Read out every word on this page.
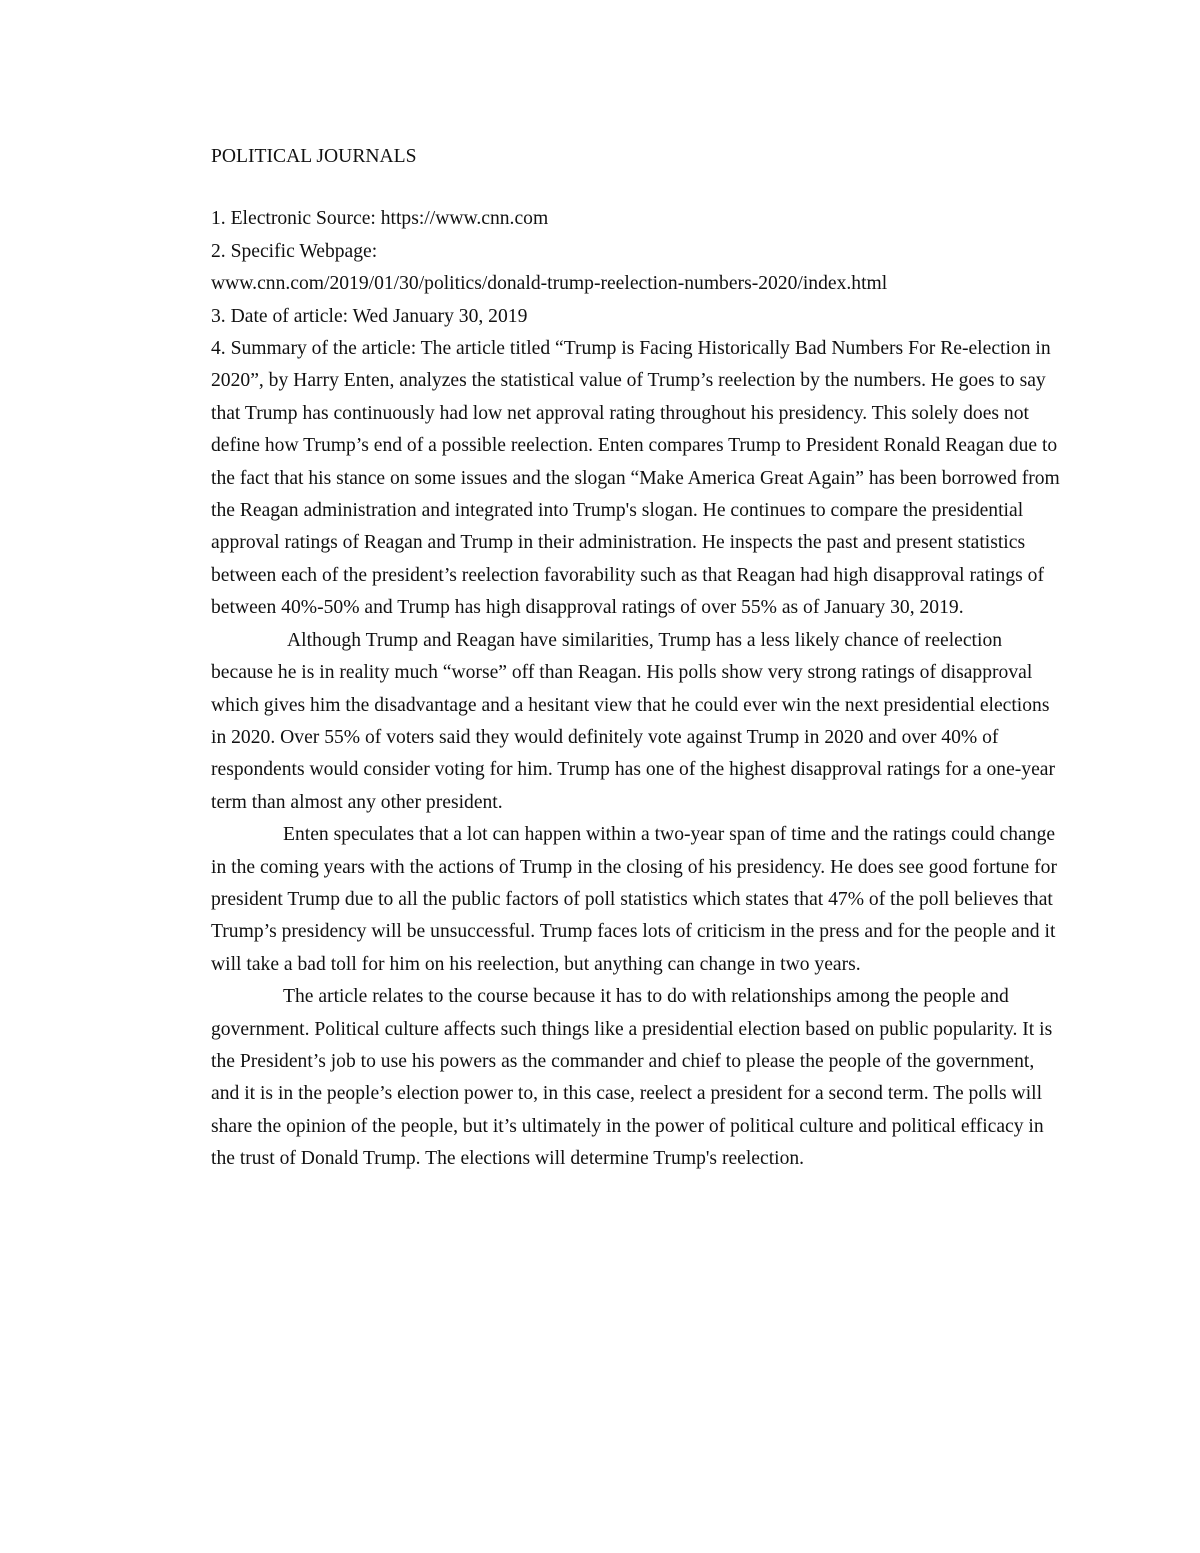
POLITICAL JOURNALS

1. Electronic Source: https://www.cnn.com

2. Specific Webpage:

www.cnn.com/2019/01/30/politics/donald-trump-reelection-numbers-2020/index.html

3. Date of article: Wed January 30, 2019

4. Summary of the article: The article titled “Trump is Facing Historically Bad Numbers For Re-election in 2020”, by Harry Enten, analyzes the statistical value of Trump’s reelection by the numbers. He goes to say that Trump has continuously had low net approval rating throughout his presidency. This solely does not define how Trump’s end of a possible reelection. Enten compares Trump to President Ronald Reagan due to the fact that his stance on some issues and the slogan “Make America Great Again” has been borrowed from the Reagan administration and integrated into Trump's slogan. He continues to compare the presidential approval ratings of Reagan and Trump in their administration. He inspects the past and present statistics between each of the president’s reelection favorability such as that Reagan had high disapproval ratings of between 40%-50% and Trump has high disapproval ratings of over 55% as of January 30, 2019.

Although Trump and Reagan have similarities, Trump has a less likely chance of reelection because he is in reality much “worse” off than Reagan. His polls show very strong ratings of disapproval which gives him the disadvantage and a hesitant view that he could ever win the next presidential elections in 2020. Over 55% of voters said they would definitely vote against Trump in 2020 and over 40% of respondents would consider voting for him. Trump has one of the highest disapproval ratings for a one-year term than almost any other president.

Enten speculates that a lot can happen within a two-year span of time and the ratings could change in the coming years with the actions of Trump in the closing of his presidency. He does see good fortune for president Trump due to all the public factors of poll statistics which states that 47% of the poll believes that Trump’s presidency will be unsuccessful. Trump faces lots of criticism in the press and for the people and it will take a bad toll for him on his reelection, but anything can change in two years.

The article relates to the course because it has to do with relationships among the people and government. Political culture affects such things like a presidential election based on public popularity. It is the President’s job to use his powers as the commander and chief to please the people of the government, and it is in the people’s election power to, in this case, reelect a president for a second term. The polls will share the opinion of the people, but it’s ultimately in the power of political culture and political efficacy in the trust of Donald Trump. The elections will determine Trump's reelection.
